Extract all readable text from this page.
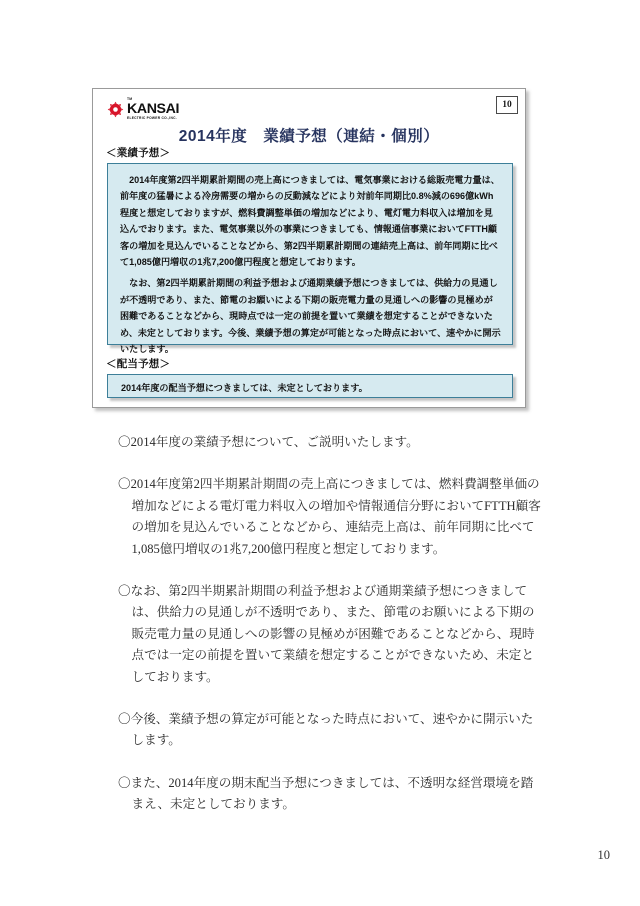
TM
KANSAI
ELECTRIC POWER CO.,INC.
10
2014年度　業績予想（連結・個別）
＜業績予想＞

2014年度第2四半期累計期間の売上高につきましては、電気事業における総販売電力量は、前年度の猛暑による冷房需要の増からの反動減などにより対前年同期比0.8%減の696億kWh程度と想定しておりますが、燃料費調整単価の増加などにより、電灯電力料収入は増加を見込んでおります。また、電気事業以外の事業につきましても、情報通信事業においてFTTH顧客の増加を見込んでいることなどから、第2四半期累計期間の連結売上高は、前年同期に比べて1,085億円増収の1兆7,200億円程度と想定しております。

なお、第2四半期累計期間の利益予想および通期業績予想につきましては、供給力の見通しが不透明であり、また、節電のお願いによる下期の販売電力量の見通しへの影響の見極めが困難であることなどから、現時点では一定の前提を置いて業績を想定することができないため、未定としております。今後、業績予想の算定が可能となった時点において、速やかに開示いたします。

＜配当予想＞

2014年度の配当予想につきましては、未定としております。

〇2014年度の業績予想について、ご説明いたします。

〇2014年度第2四半期累計期間の売上高につきましては、燃料費調整単価の増加などによる電灯電力料収入の増加や情報通信分野においてFTTH顧客の増加を見込んでいることなどから、連結売上高は、前年同期に比べて1,085億円増収の1兆7,200億円程度と想定しております。

〇なお、第2四半期累計期間の利益予想および通期業績予想につきましては、供給力の見通しが不透明であり、また、節電のお願いによる下期の販売電力量の見通しへの影響の見極めが困難であることなどから、現時点では一定の前提を置いて業績を想定することができないため、未定としております。

〇今後、業績予想の算定が可能となった時点において、速やかに開示いたします。

〇また、2014年度の期末配当予想につきましては、不透明な経営環境を踏まえ、未定としております。

10
